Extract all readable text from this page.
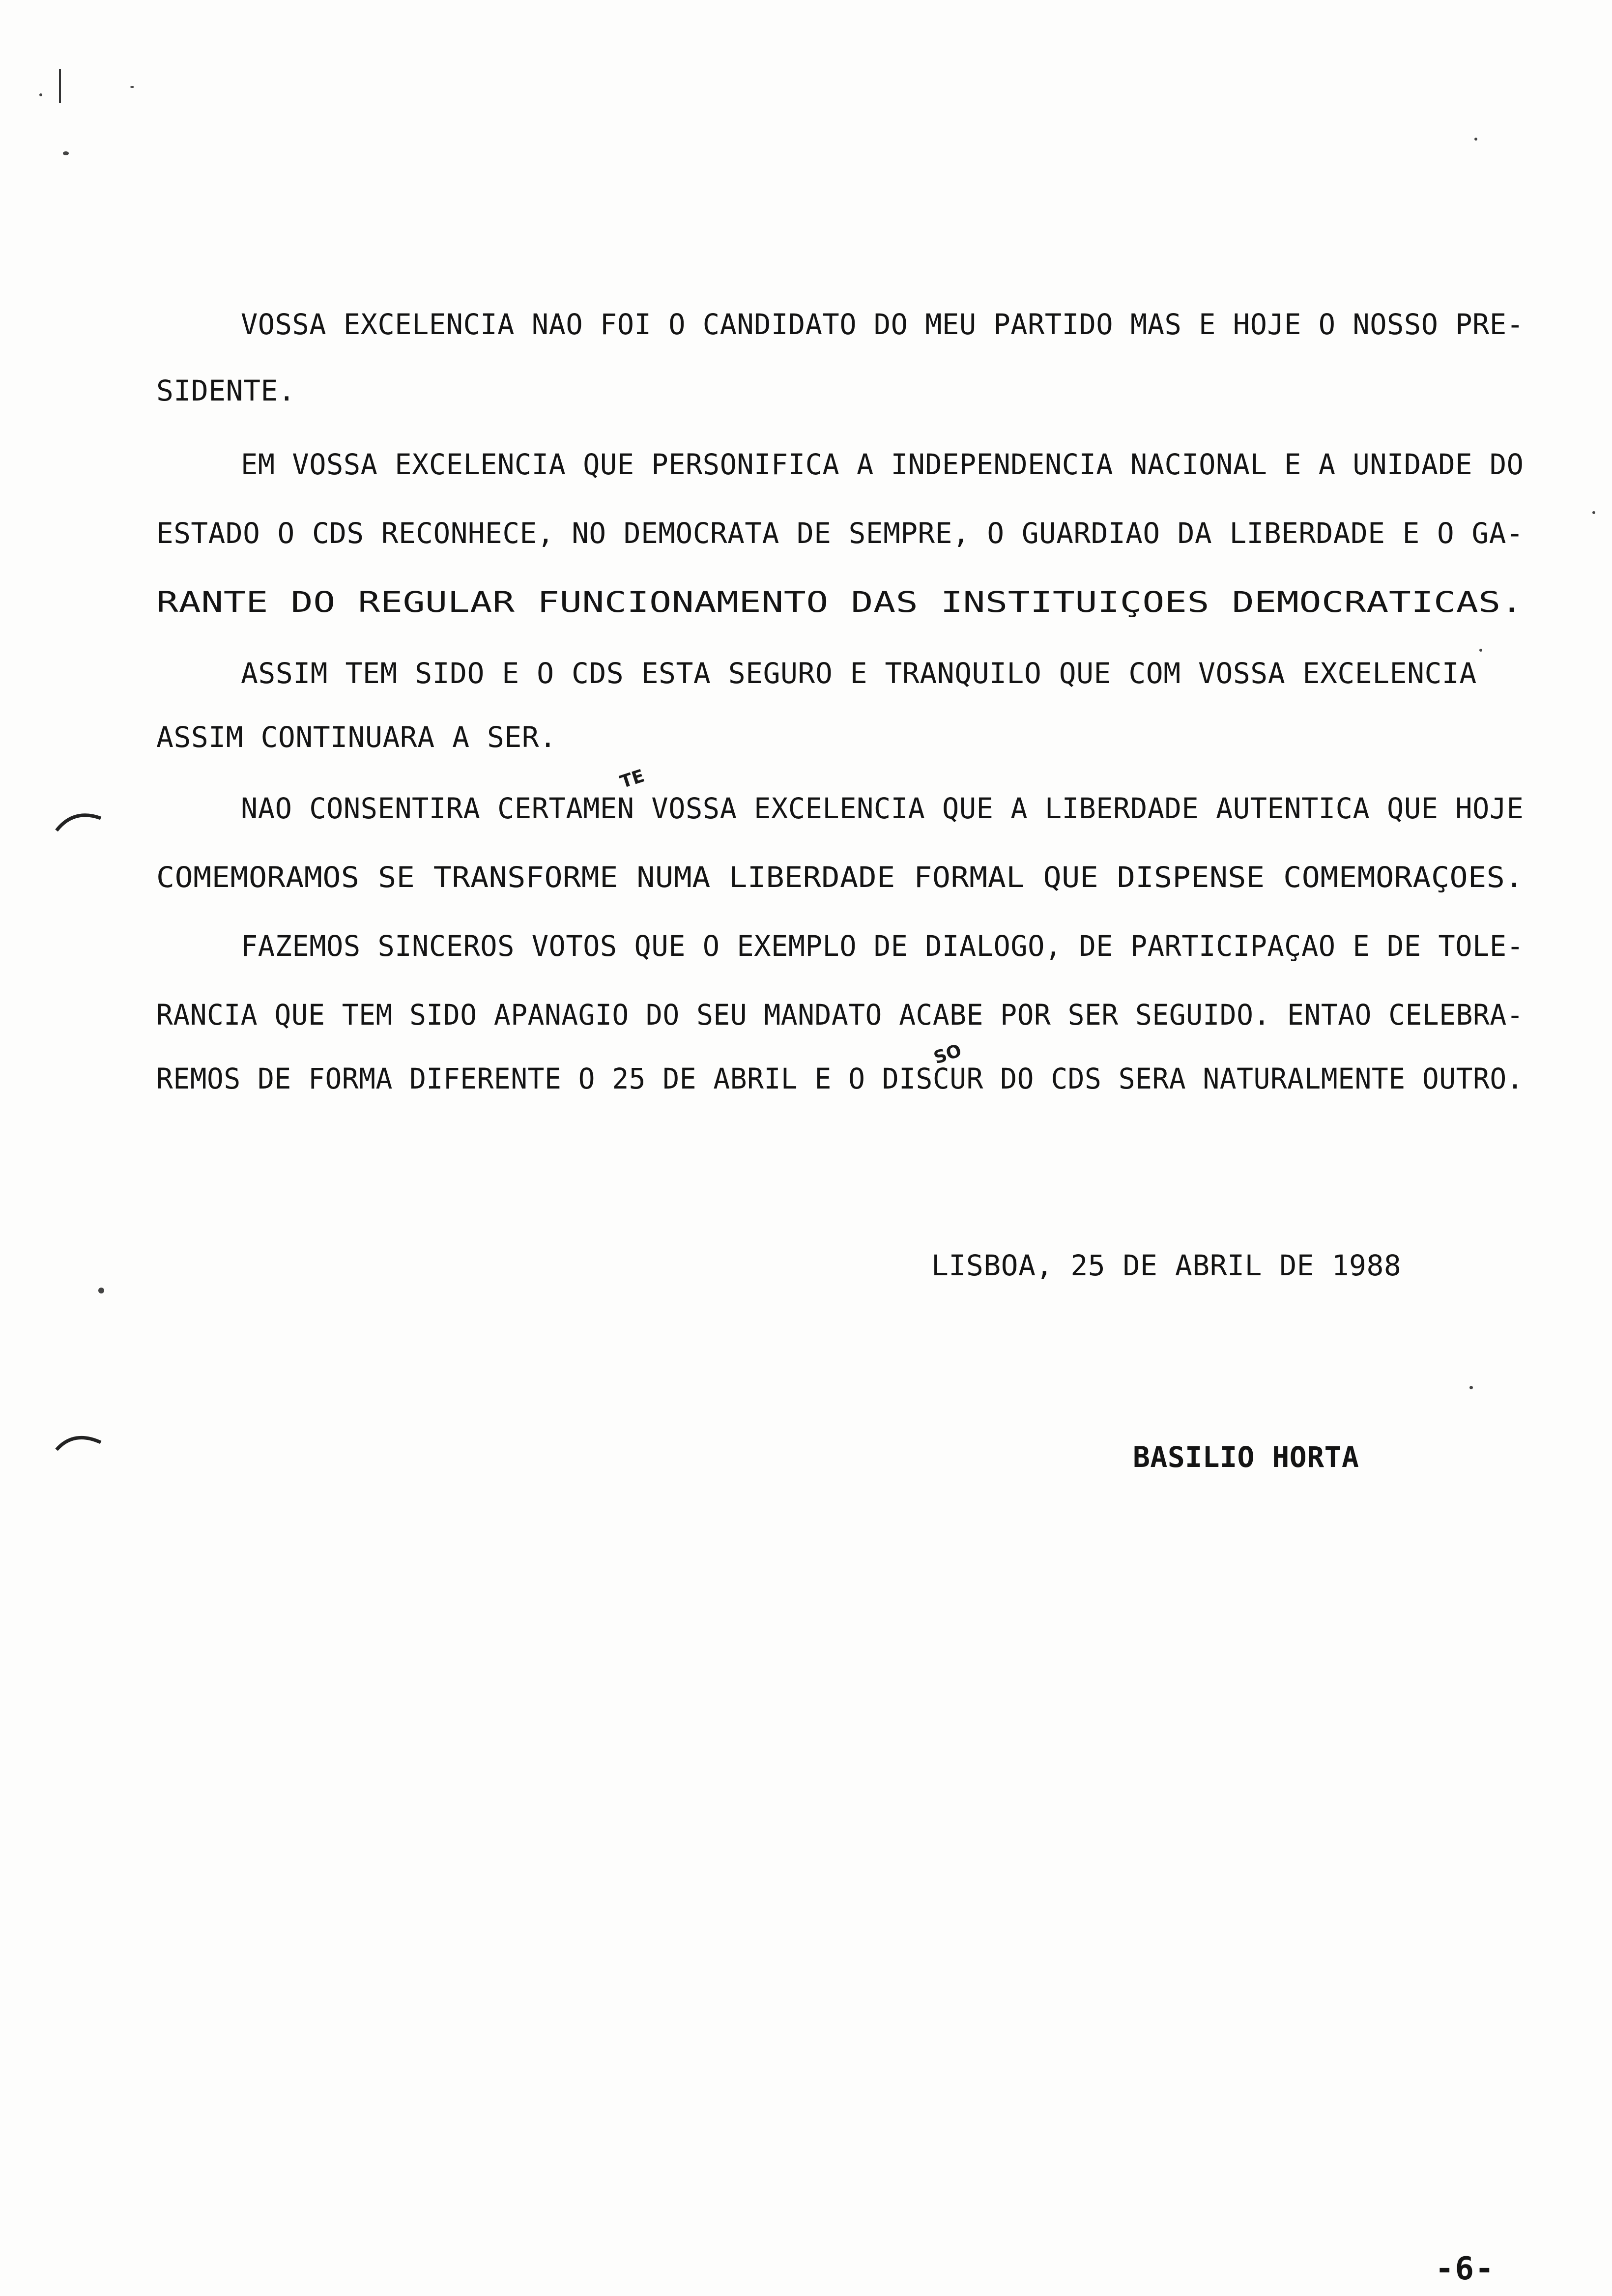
VOSSA EXCELENCIA NAO FOI O CANDIDATO DO MEU PARTIDO MAS E HOJE O NOSSO PRE-
SIDENTE.
EM VOSSA EXCELENCIA QUE PERSONIFICA A INDEPENDENCIA NACIONAL E A UNIDADE DO
ESTADO O CDS RECONHECE, NO DEMOCRATA DE SEMPRE, O GUARDIAO DA LIBERDADE E O GA-
RANTE DO REGULAR FUNCIONAMENTO DAS INSTITUIÇOES DEMOCRATICAS.
ASSIM TEM SIDO E O CDS ESTA SEGURO E TRANQUILO QUE COM VOSSA EXCELENCIA
ASSIM CONTINUARA A SER.
TE
NAO CONSENTIRA CERTAMEN VOSSA EXCELENCIA QUE A LIBERDADE AUTENTICA QUE HOJE
COMEMORAMOS SE TRANSFORME NUMA LIBERDADE FORMAL QUE DISPENSE COMEMORAÇOES.
FAZEMOS SINCEROS VOTOS QUE O EXEMPLO DE DIALOGO, DE PARTICIPAÇAO E DE TOLE-
RANCIA QUE TEM SIDO APANAGIO DO SEU MANDATO ACABE POR SER SEGUIDO. ENTAO CELEBRA-
SO
REMOS DE FORMA DIFERENTE O 25 DE ABRIL E O DISCUR DO CDS SERA NATURALMENTE OUTRO.
LISBOA, 25 DE ABRIL DE 1988
BASILIO HORTA
-6-
